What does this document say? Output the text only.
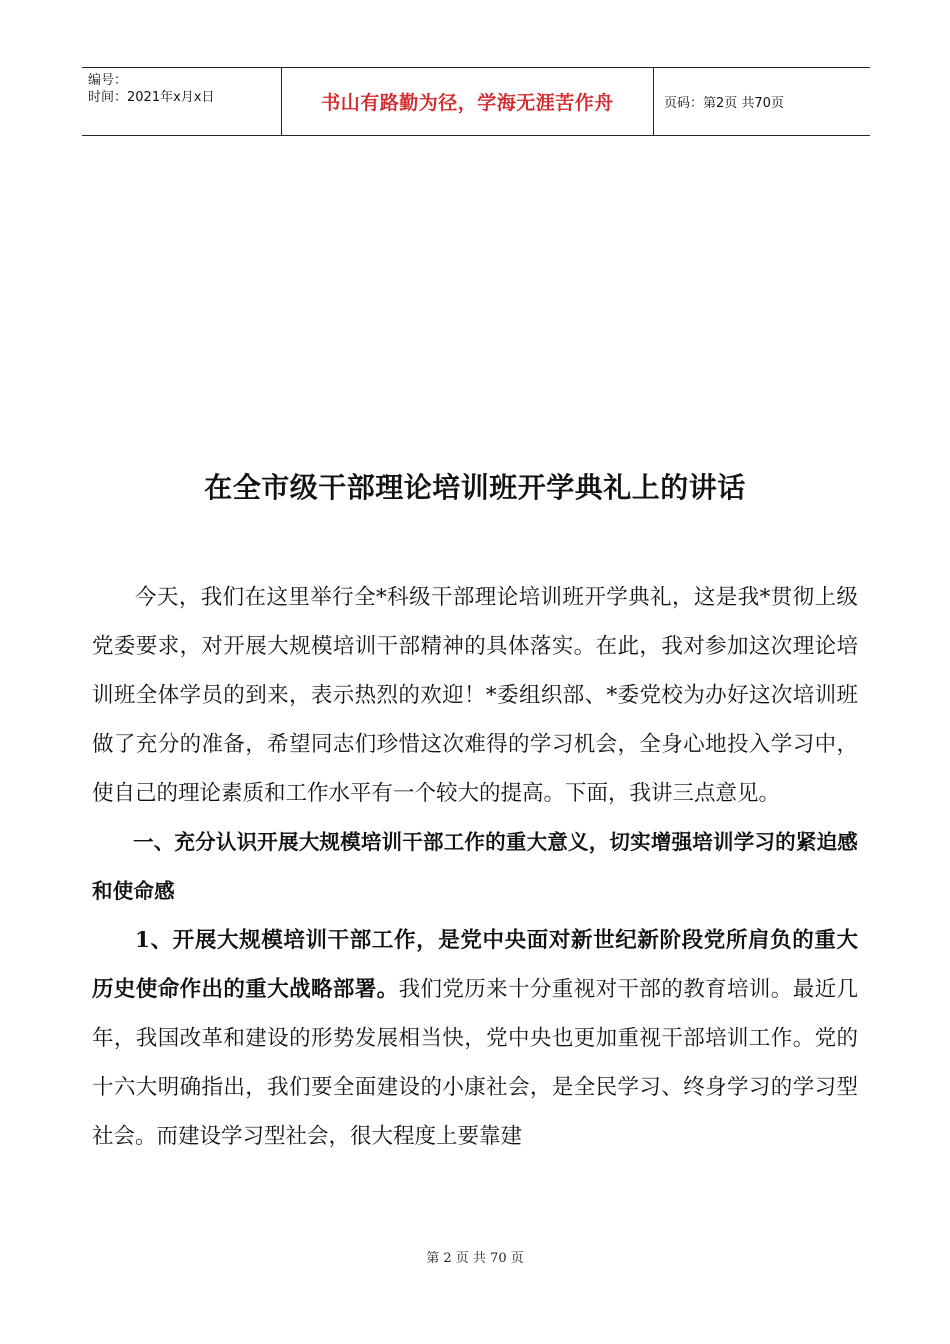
编号：
时间：2021年x月x日	书山有路勤为径，学海无涯苦作舟	页码：第2页 共70页
在全市级干部理论培训班开学典礼上的讲话

今天，我们在这里举行全*科级干部理论培训班开学典礼，这是我*贯彻上级党委要求，对开展大规模培训干部精神的具体落实。在此，我对参加这次理论培训班全体学员的到来，表示热烈的欢迎！*委组织部、*委党校为办好这次培训班做了充分的准备，希望同志们珍惜这次难得的学习机会，全身心地投入学习中，使自己的理论素质和工作水平有一个较大的提高。下面，我讲三点意见。

一、充分认识开展大规模培训干部工作的重大意义，切实增强培训学习的紧迫感和使命感

1、开展大规模培训干部工作，是党中央面对新世纪新阶段党所肩负的重大历史使命作出的重大战略部署。我们党历来十分重视对干部的教育培训。最近几年，我国改革和建设的形势发展相当快，党中央也更加重视干部培训工作。党的十六大明确指出，我们要全面建设的小康社会，是全民学习、终身学习的学习型社会。而建设学习型社会，很大程度上要靠建

第 2 页 共 70 页
